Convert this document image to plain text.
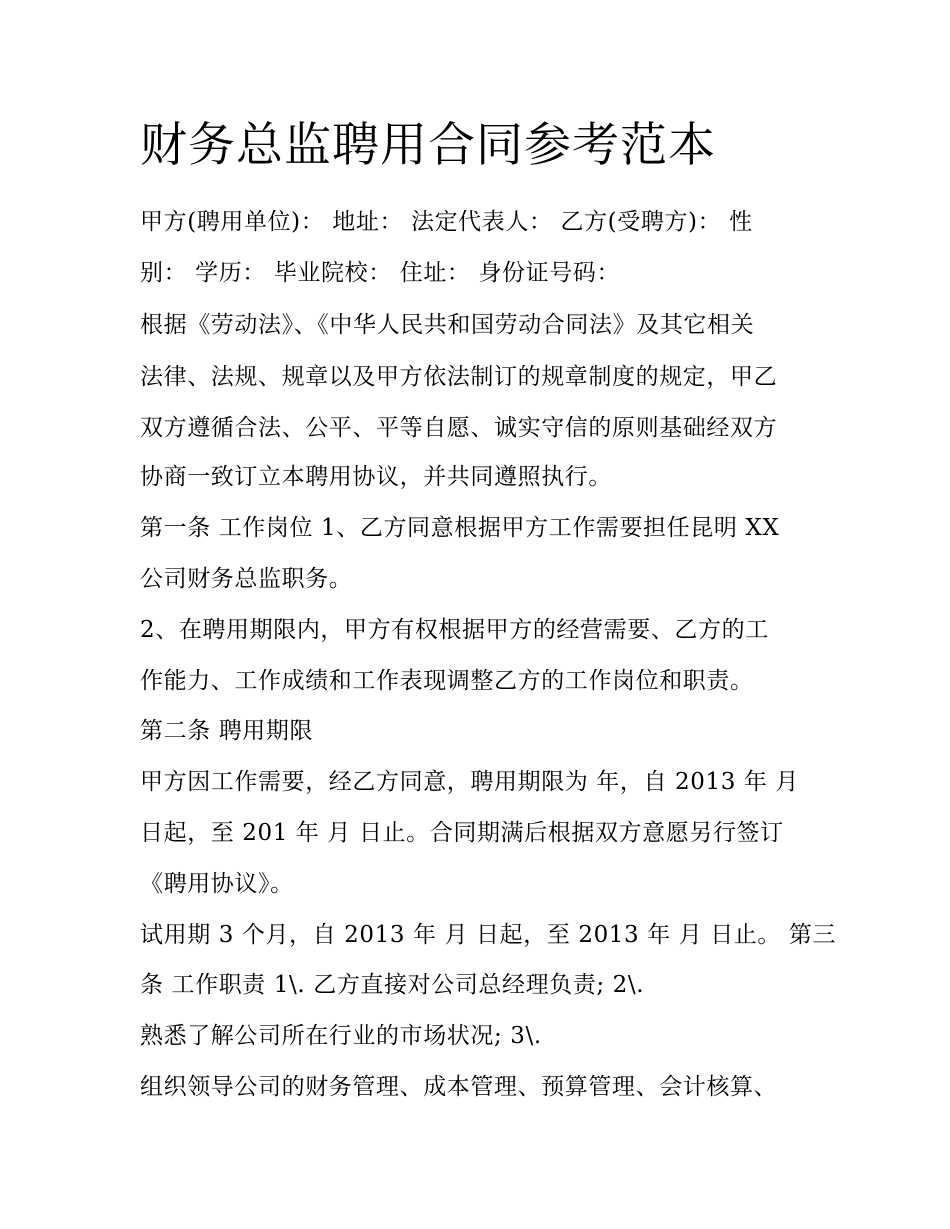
财务总监聘用合同参考范本

甲方(聘用单位)： 地址： 法定代表人： 乙方(受聘方)： 性

别： 学历： 毕业院校： 住址： 身份证号码：

根据《劳动法》、《中华人民共和国劳动合同法》及其它相关

法律、法规、规章以及甲方依法制订的规章制度的规定，甲乙

双方遵循合法、公平、平等自愿、诚实守信的原则基础经双方

协商一致订立本聘用协议，并共同遵照执行。

第一条 工作岗位 1、乙方同意根据甲方工作需要担任昆明 XX

公司财务总监职务。

2、在聘用期限内，甲方有权根据甲方的经营需要、乙方的工

作能力、工作成绩和工作表现调整乙方的工作岗位和职责。

第二条 聘用期限

甲方因工作需要，经乙方同意，聘用期限为 年，自 2013 年 月

日起，至 201 年 月 日止。合同期满后根据双方意愿另行签订

《聘用协议》。

试用期 3 个月，自 2013 年 月 日起，至 2013 年 月 日止。 第三

条 工作职责 1\. 乙方直接对公司总经理负责; 2\.

熟悉了解公司所在行业的市场状况; 3\.

组织领导公司的财务管理、成本管理、预算管理、会计核算、
